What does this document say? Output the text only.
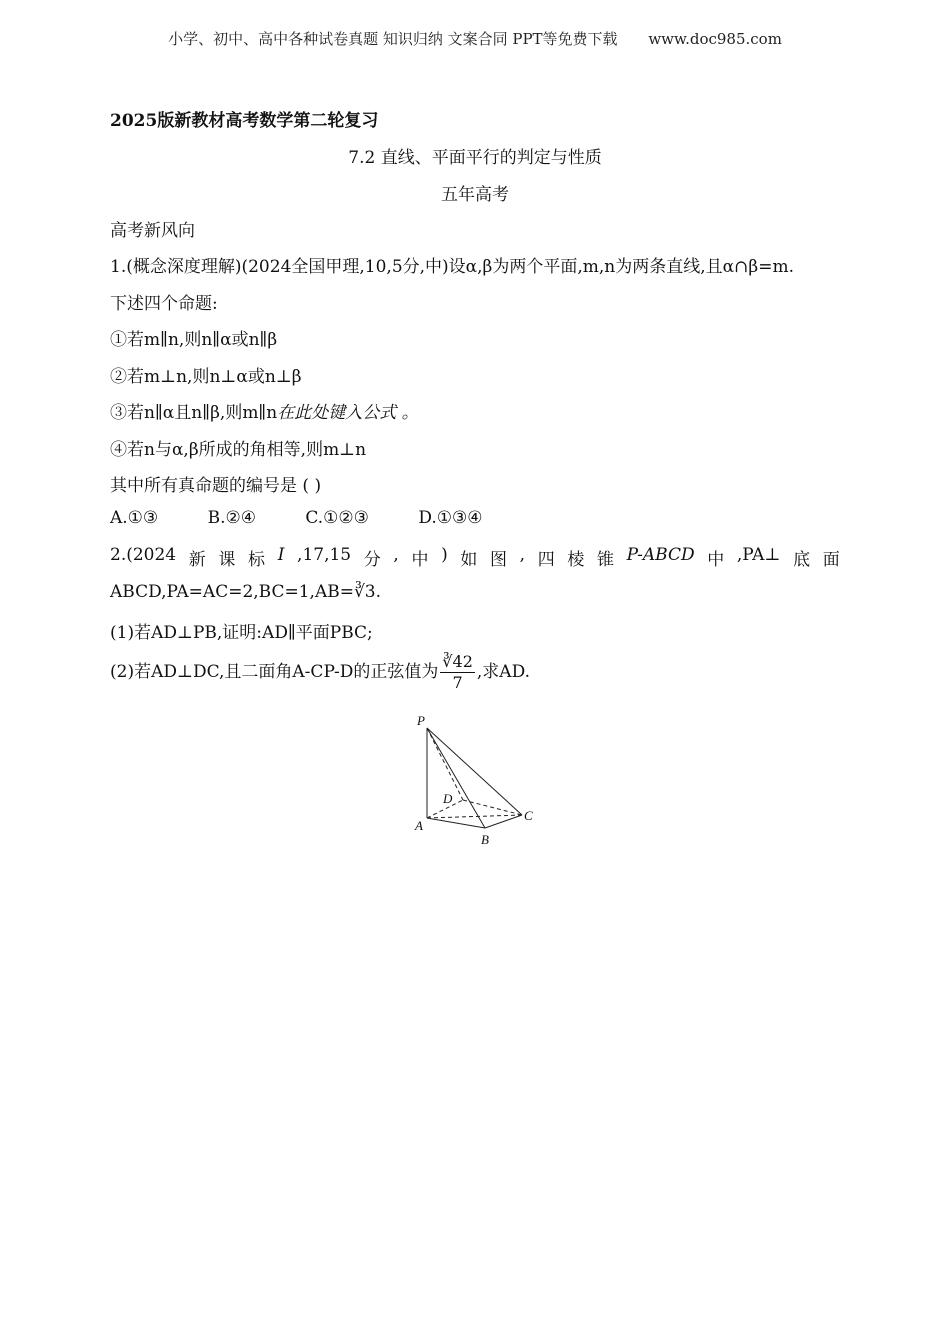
小学、初中、高中各种试卷真题 知识归纳 文案合同 PPT等免费下载 www.doc985.com
2025版新教材高考数学第二轮复习
7.2 直线、平面平行的判定与性质
五年高考
高考新风向
1.(概念深度理解)(2024全国甲理,10,5分,中)设α,β为两个平面,m,n为两条直线,且α∩β=m.
下述四个命题:
①若m∥n,则n∥α或n∥β
②若m⊥n,则n⊥α或n⊥β
③若n∥α且n∥β,则m∥n在此处键入公式 。
④若n与α,β所成的角相等,则m⊥n
其中所有真命题的编号是 ( )
A.①③	B.②④	C.①②③	D.①③④
2.(2024 新 课 标 Ⅰ ,17,15 分 , 中 ) 如 图 , 四 棱 锥 P-ABCD 中 ,PA⊥ 底 面
ABCD,PA=AC=2,BC=1,AB=∛3.
(1)若AD⊥PB,证明:AD∥平面PBC;
(2)若AD⊥DC,且二面角A-CP-D的正弦值为 $\frac{∛42}{7}$ ,求AD.
P
A
B
C
D
